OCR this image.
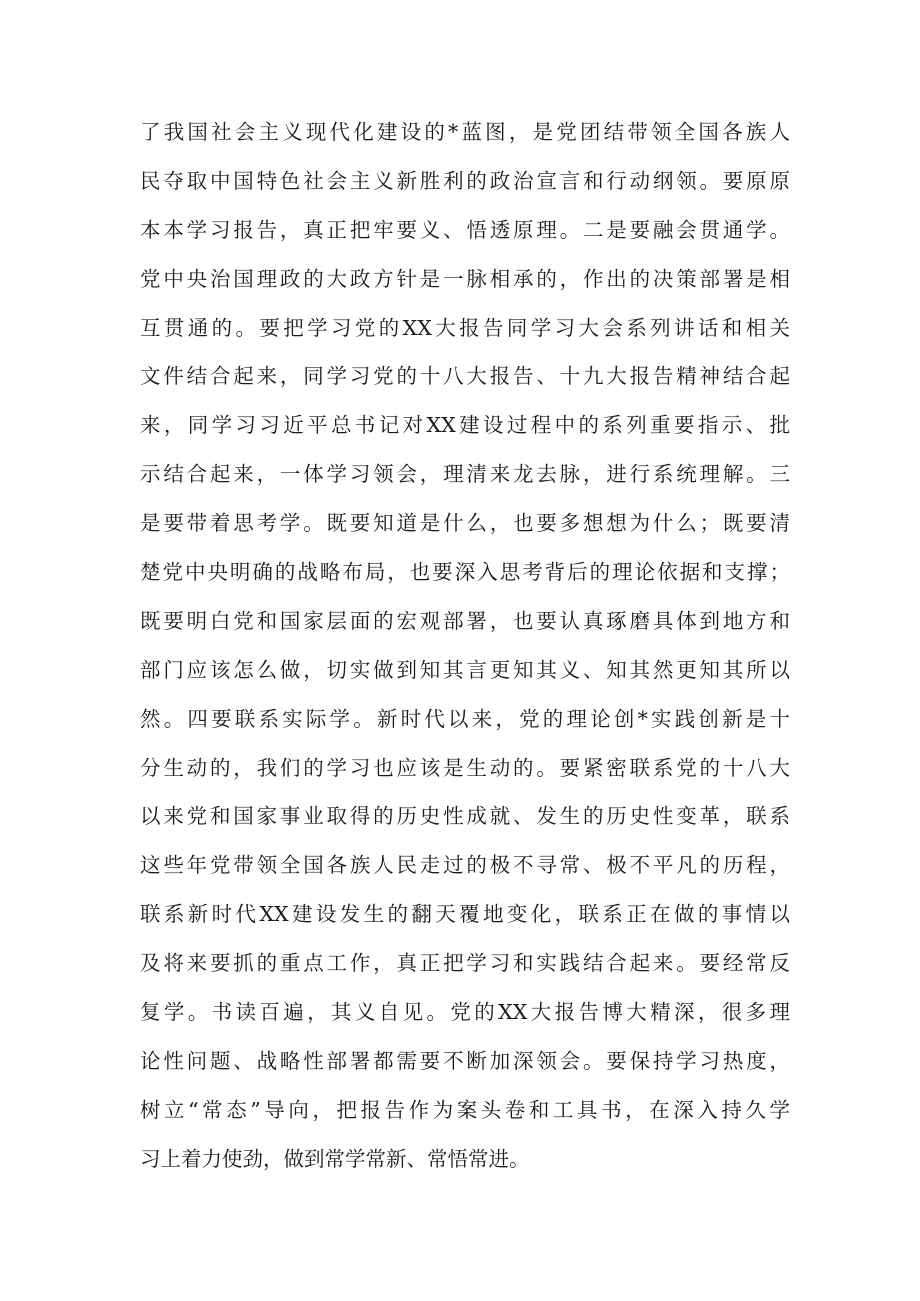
了我国社会主义现代化建设的*蓝图，是党团结带领全国各族人
民夺取中国特色社会主义新胜利的政治宣言和行动纲领。要原原
本本学习报告，真正把牢要义、悟透原理。二是要融会贯通学。
党中央治国理政的大政方针是一脉相承的，作出的决策部署是相
互贯通的。要把学习党的XX大报告同学习大会系列讲话和相关
文件结合起来，同学习党的十八大报告、十九大报告精神结合起
来，同学习习近平总书记对XX建设过程中的系列重要指示、批
示结合起来，一体学习领会，理清来龙去脉，进行系统理解。三
是要带着思考学。既要知道是什么，也要多想想为什么；既要清
楚党中央明确的战略布局，也要深入思考背后的理论依据和支撑；
既要明白党和国家层面的宏观部署，也要认真琢磨具体到地方和
部门应该怎么做，切实做到知其言更知其义、知其然更知其所以
然。四要联系实际学。新时代以来，党的理论创*实践创新是十
分生动的，我们的学习也应该是生动的。要紧密联系党的十八大
以来党和国家事业取得的历史性成就、发生的历史性变革，联系
这些年党带领全国各族人民走过的极不寻常、极不平凡的历程，
联系新时代XX建设发生的翻天覆地变化，联系正在做的事情以
及将来要抓的重点工作，真正把学习和实践结合起来。要经常反
复学。书读百遍，其义自见。党的XX大报告博大精深，很多理
论性问题、战略性部署都需要不断加深领会。要保持学习热度，
树立“常态”导向，把报告作为案头卷和工具书，在深入持久学
习上着力使劲，做到常学常新、常悟常进。
